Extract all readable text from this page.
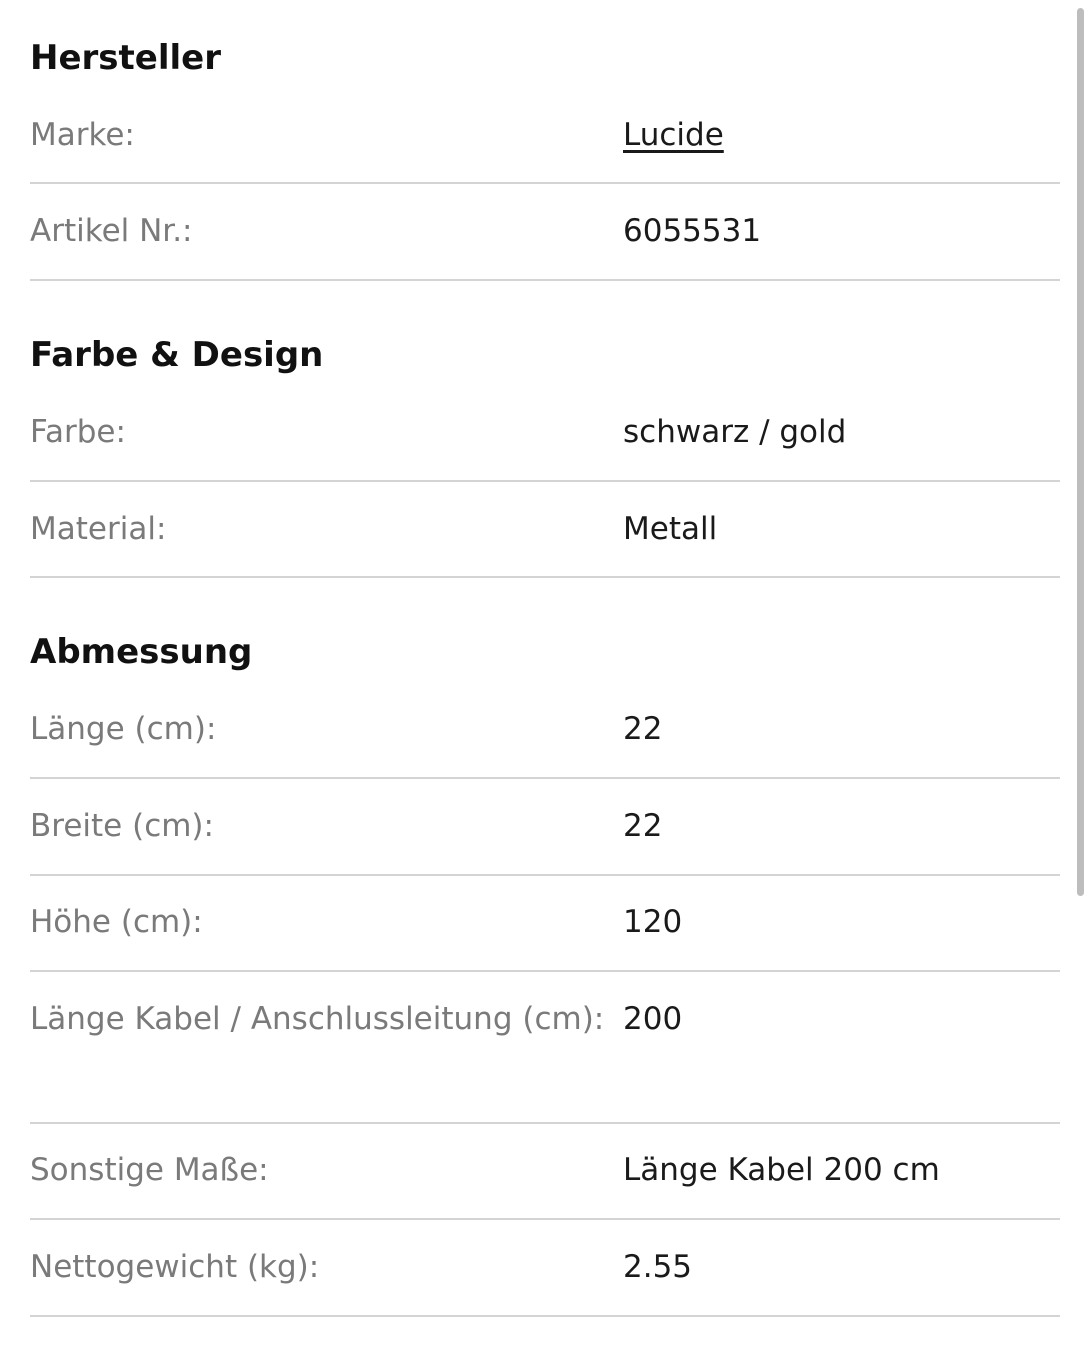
Hersteller
Marke:	Lucide
Artikel Nr.:	6055531
Farbe & Design
Farbe:	schwarz / gold
Material:	Metall
Abmessung
Länge (cm):	22
Breite (cm):	22
Höhe (cm):	120
Länge Kabel / Anschlussleitung (cm): 200
Sonstige Maße:	Länge Kabel 200 cm
Nettogewicht (kg):	2.55
